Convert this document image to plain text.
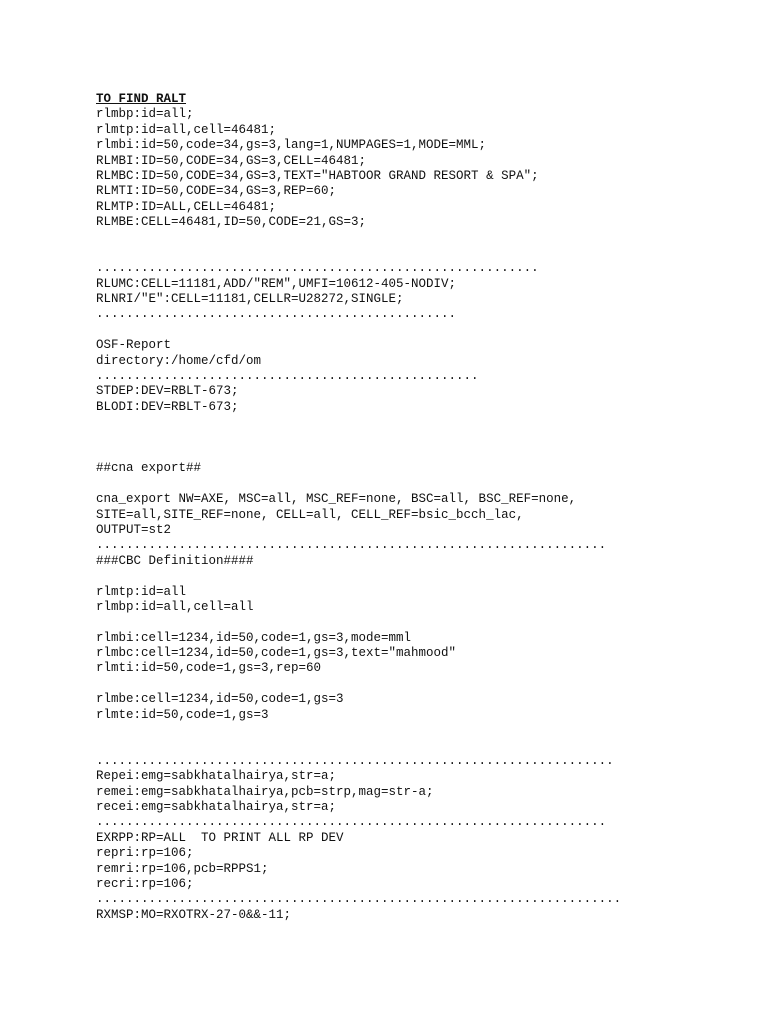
TO FIND RALT
rlmbp:id=all;
rlmtp:id=all,cell=46481;
rlmbi:id=50,code=34,gs=3,lang=1,NUMPAGES=1,MODE=MML;
RLMBI:ID=50,CODE=34,GS=3,CELL=46481;
RLMBC:ID=50,CODE=34,GS=3,TEXT="HABTOOR GRAND RESORT & SPA";
RLMTI:ID=50,CODE=34,GS=3,REP=60;
RLMTP:ID=ALL,CELL=46481;
RLMBE:CELL=46481,ID=50,CODE=21,GS=3;
...........................................................
RLUMC:CELL=11181,ADD/"REM",UMFI=10612-405-NODIV;
RLNRI/"E":CELL=11181,CELLR=U28272,SINGLE;
................................................
OSF-Report
directory:/home/cfd/om
...................................................
STDEP:DEV=RBLT-673;
BLODI:DEV=RBLT-673;
##cna export##
cna_export NW=AXE, MSC=all, MSC_REF=none, BSC=all, BSC_REF=none,
SITE=all,SITE_REF=none, CELL=all, CELL_REF=bsic_bcch_lac,
OUTPUT=st2
....................................................................
###CBC Definition####
rlmtp:id=all
rlmbp:id=all,cell=all
rlmbi:cell=1234,id=50,code=1,gs=3,mode=mml
rlmbc:cell=1234,id=50,code=1,gs=3,text="mahmood"
rlmti:id=50,code=1,gs=3,rep=60
rlmbe:cell=1234,id=50,code=1,gs=3
rlmte:id=50,code=1,gs=3
.....................................................................
Repei:emg=sabkhatalhairya,str=a;
remei:emg=sabkhatalhairya,pcb=strp,mag=str-a;
recei:emg=sabkhatalhairya,str=a;
....................................................................
EXRPP:RP=ALL  TO PRINT ALL RP DEV
repri:rp=106;
remri:rp=106,pcb=RPPS1;
recri:rp=106;
......................................................................
RXMSP:MO=RXOTRX-27-0&&-11;
